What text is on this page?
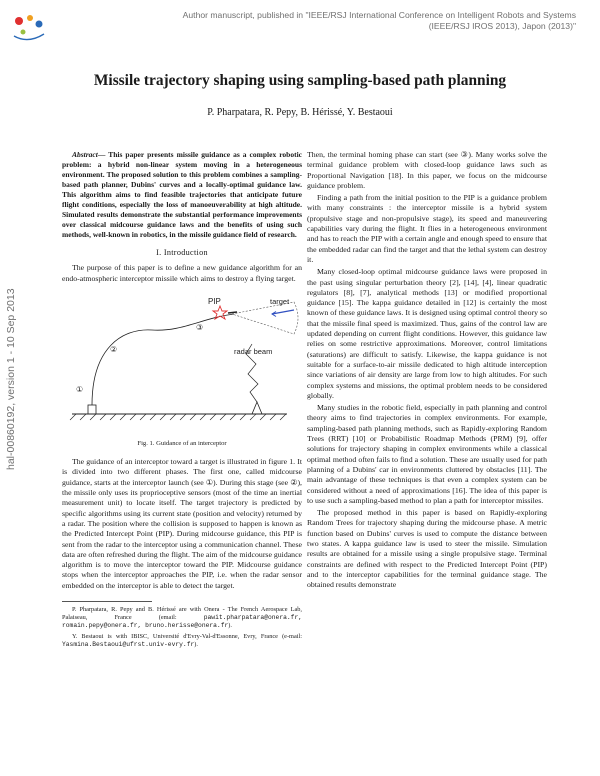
Author manuscript, published in "IEEE/RSJ International Conference on Intelligent Robots and Systems (IEEE/RSJ IROS 2013), Japon (2013)"
hal-00860192, version 1 - 10 Sep 2013
Missile trajectory shaping using sampling-based path planning
P. Pharpatara, R. Pepy, B. Hérissé, Y. Bestaoui

Abstract— This paper presents missile guidance as a complex robotic problem: a hybrid non-linear system moving in a heterogeneous environment. The proposed solution to this problem combines a sampling-based path planner, Dubins' curves and a locally-optimal guidance law. This algorithm aims to find feasible trajectories that anticipate future flight conditions, especially the loss of manoeuverability at high altitude. Simulated results demonstrate the substantial performance improvements over classical midcourse guidance laws and the benefits of using such methods, well-known in robotics, in the missile guidance field of research.

I. Introduction

The purpose of this paper is to define a new guidance algorithm for an endo-atmospheric interceptor missile which aims to destroy a flying target.

PIP	target
radar beam
①
②
③
Fig. 1. Guidance of an interceptor

The guidance of an interceptor toward a target is illustrated in figure 1. It is divided into two different phases. The first one, called midcourse guidance, starts at the interceptor launch (see ①). During this stage (see ②), the missile only uses its proprioceptive sensors (most of the time an inertial measurement unit) to locate itself. The target trajectory is predicted by specific algorithms using its current state (position and velocity) returned by a radar. The position where the collision is supposed to happen is known as the Predicted Intercept Point (PIP). During midcourse guidance, this PIP is sent from the radar to the interceptor using a communication channel. These data are often refreshed during the flight. The aim of the midcourse guidance algorithm is to move the interceptor toward the PIP. Midcourse guidance stops when the interceptor approaches the PIP, i.e. when the radar sensor embedded on the interceptor is able to detect the target.

P. Pharpatara, R. Pepy and B. Hérissé are with Onera - The French Aerospace Lab, Palaiseau, France (email: pawit.pharpatara@onera.fr, romain.pepy@onera.fr, bruno.herisse@onera.fr).

Y. Bestaoui is with IBISC, Université d'Evry-Val-d'Essonne, Evry, France (e-mail: Yasmina.Bestaoui@ufrst.univ-evry.fr).

Then, the terminal homing phase can start (see ③). Many works solve the terminal guidance problem with closed-loop guidance laws such as Proportional Navigation [18]. In this paper, we focus on the midcourse guidance problem.

Finding a path from the initial position to the PIP is a guidance problem with many constraints : the interceptor missile is a hybrid system (propulsive stage and non-propulsive stage), its speed and maneuvering capabilities vary during the flight. It flies in a heterogeneous environment and has to reach the PIP with a certain angle and enough speed to ensure that the embedded radar can find the target and that the lethal system can destroy it.

Many closed-loop optimal midcourse guidance laws were proposed in the past using singular perturbation theory [2], [14], [4], linear quadratic regulators [8], [7], analytical methods [13] or modified proportional guidance [15]. The kappa guidance detailed in [12] is certainly the most known of these guidance laws. It is designed using optimal control theory so that the missile final speed is maximized. Thus, gains of the control law are updated depending on current flight conditions. However, this guidance law relies on some restrictive approximations. Moreover, control limitations (saturations) are difficult to satisfy. Likewise, the kappa guidance is not suitable for a surface-to-air missile dedicated to high altitude interception since variations of air density are large from low to high altitudes. For such complex systems and missions, the optimal problem needs to be considered globally.

Many studies in the robotic field, especially in path planning and control theory aims to find trajectories in complex environments. For example, sampling-based path planning methods, such as Rapidly-exploring Random Trees (RRT) [10] or Probabilistic Roadmap Methods (PRM) [9], offer solutions for trajectory shaping in complex environments while a classical optimal method often fails to find a solution. These are usually used for path planning of a Dubins' car in environments cluttered by obstacles [11]. The main advantage of these techniques is that even a complex system can be considered without a need of approximations [16]. The idea of this paper is to use such a sampling-based method to plan a path for interceptor missiles.

The proposed method in this paper is based on Rapidly-exploring Random Trees for trajectory shaping during the midcourse phase. A metric function based on Dubins' curves is used to compute the distance between two states. A kappa guidance law is used to steer the missile. Simulation results are obtained for a missile using a single propulsive stage. Terminal constraints are defined with respect to the Predicted Intercept Point (PIP) and to the interceptor capabilities for the terminal guidance stage. The obtained results demonstrate
